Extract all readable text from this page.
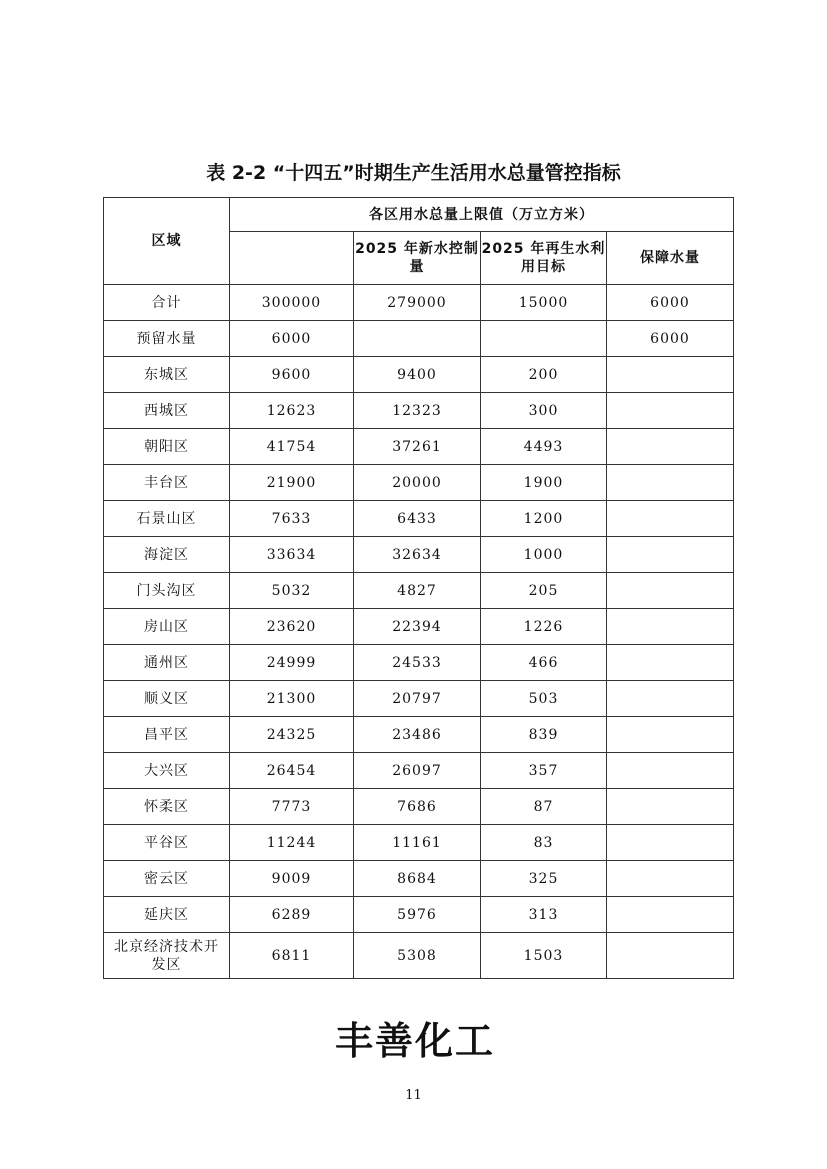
表 2-2 “十四五”时期生产生活用水总量管控指标
区域	各区用水总量上限值（万立方米）			
		2025 年新水控制量	2025 年再生水利用目标	保障水量
合计	300000	279000	15000	6000
预留水量	6000			6000
东城区	9600	9400	200	
西城区	12623	12323	300	
朝阳区	41754	37261	4493	
丰台区	21900	20000	1900	
石景山区	7633	6433	1200	
海淀区	33634	32634	1000	
门头沟区	5032	4827	205	
房山区	23620	22394	1226	
通州区	24999	24533	466	
顺义区	21300	20797	503	
昌平区	24325	23486	839	
大兴区	26454	26097	357	
怀柔区	7773	7686	87	
平谷区	11244	11161	83	
密云区	9009	8684	325	
延庆区	6289	5976	313	
北京经济技术开发区	6811	5308	1503	
丰善化工
11
